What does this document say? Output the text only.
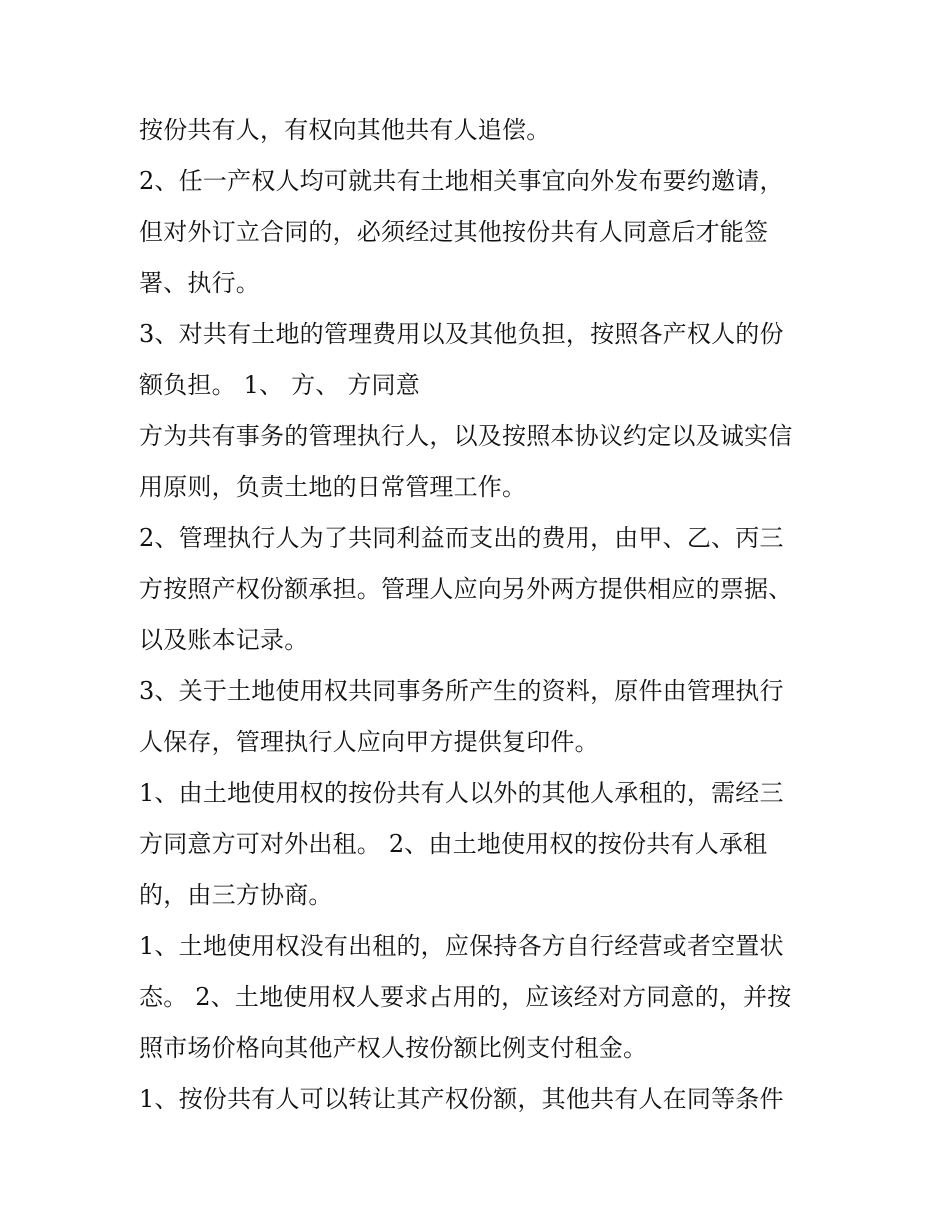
按份共有人，有权向其他共有人追偿。
2、任一产权人均可就共有土地相关事宜向外发布要约邀请，
但对外订立合同的，必须经过其他按份共有人同意后才能签
署、执行。
3、对共有土地的管理费用以及其他负担，按照各产权人的份
额负担。 1、 方、 方同意
方为共有事务的管理执行人，以及按照本协议约定以及诚实信
用原则，负责土地的日常管理工作。
2、管理执行人为了共同利益而支出的费用，由甲、乙、丙三
方按照产权份额承担。管理人应向另外两方提供相应的票据、
以及账本记录。
3、关于土地使用权共同事务所产生的资料，原件由管理执行
人保存，管理执行人应向甲方提供复印件。
1、由土地使用权的按份共有人以外的其他人承租的，需经三
方同意方可对外出租。 2、由土地使用权的按份共有人承租
的，由三方协商。
1、土地使用权没有出租的，应保持各方自行经营或者空置状
态。 2、土地使用权人要求占用的，应该经对方同意的，并按
照市场价格向其他产权人按份额比例支付租金。
1、按份共有人可以转让其产权份额，其他共有人在同等条件
